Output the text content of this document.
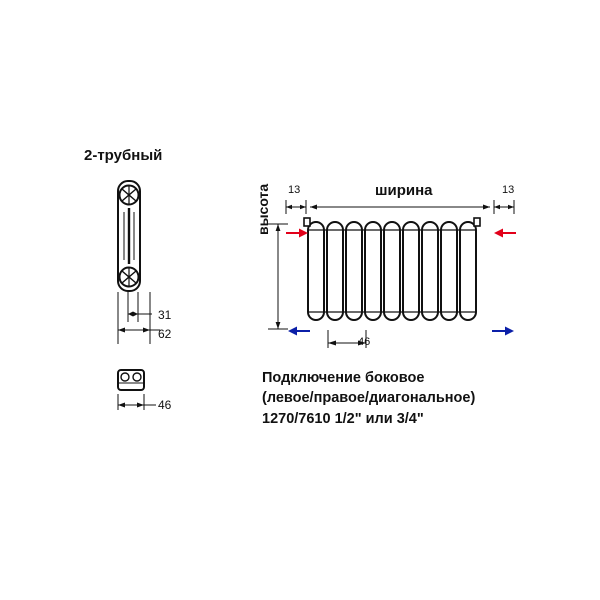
2-трубный
31
62
46
13	13
ширина
высота
46
Подключение боковое
(левое/правое/диагональное)
1270/7610 1/2" или 3/4"
